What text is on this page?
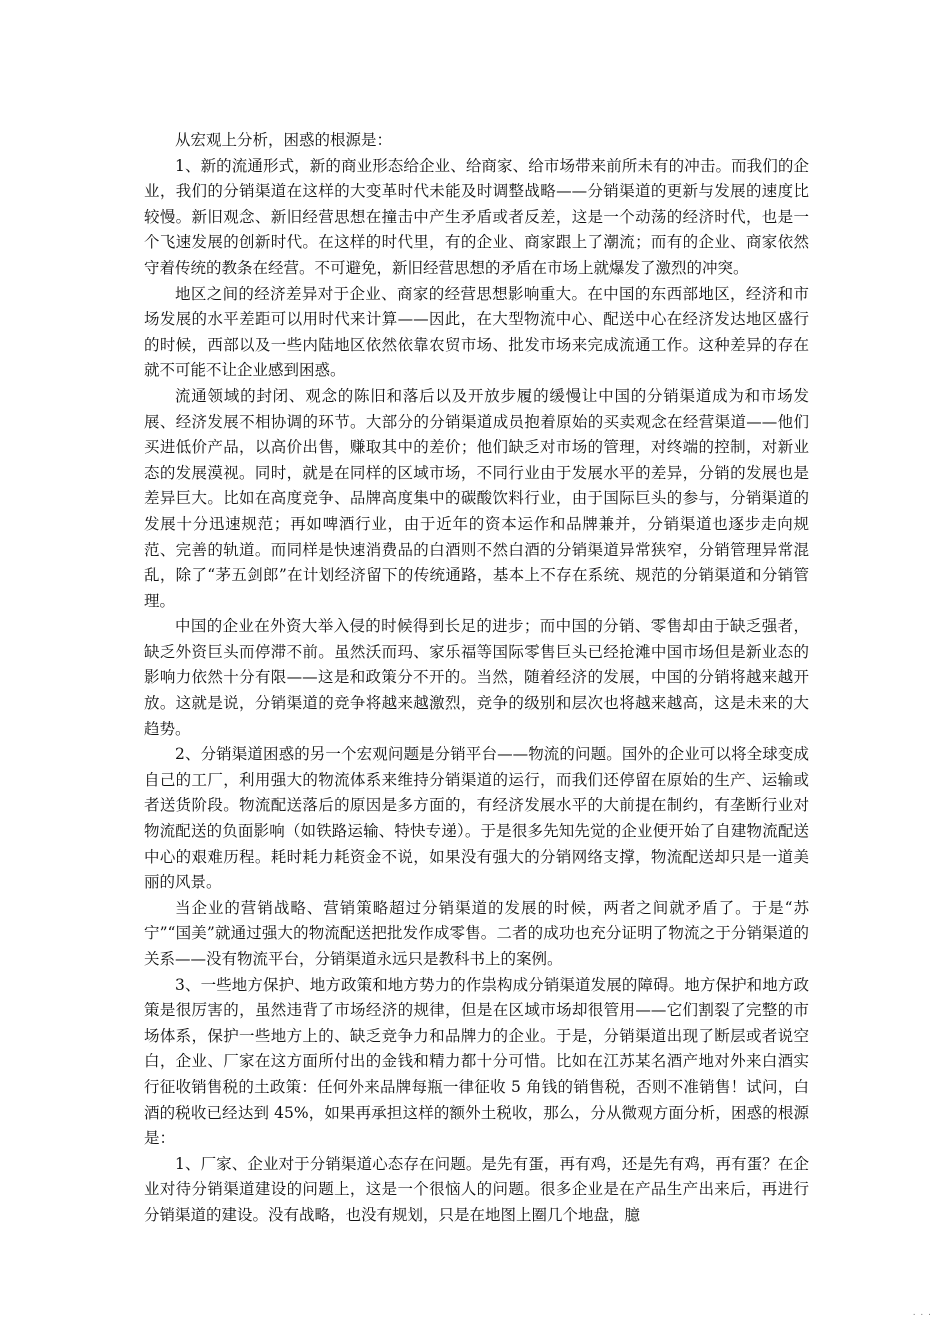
从宏观上分析，困惑的根源是：

1、新的流通形式，新的商业形态给企业、给商家、给市场带来前所未有的冲击。而我们的企业，我们的分销渠道在这样的大变革时代未能及时调整战略——分销渠道的更新与发展的速度比较慢。新旧观念、新旧经营思想在撞击中产生矛盾或者反差，这是一个动荡的经济时代，也是一个飞速发展的创新时代。在这样的时代里，有的企业、商家跟上了潮流；而有的企业、商家依然守着传统的教条在经营。不可避免，新旧经营思想的矛盾在市场上就爆发了激烈的冲突。

地区之间的经济差异对于企业、商家的经营思想影响重大。在中国的东西部地区，经济和市场发展的水平差距可以用时代来计算——因此，在大型物流中心、配送中心在经济发达地区盛行的时候，西部以及一些内陆地区依然依靠农贸市场、批发市场来完成流通工作。这种差异的存在就不可能不让企业感到困惑。

流通领域的封闭、观念的陈旧和落后以及开放步履的缓慢让中国的分销渠道成为和市场发展、经济发展不相协调的环节。大部分的分销渠道成员抱着原始的买卖观念在经营渠道——他们买进低价产品，以高价出售，赚取其中的差价；他们缺乏对市场的管理，对终端的控制，对新业态的发展漠视。同时，就是在同样的区域市场，不同行业由于发展水平的差异，分销的发展也是差异巨大。比如在高度竞争、品牌高度集中的碳酸饮料行业，由于国际巨头的参与，分销渠道的发展十分迅速规范；再如啤酒行业，由于近年的资本运作和品牌兼并，分销渠道也逐步走向规范、完善的轨道。而同样是快速消费品的白酒则不然白酒的分销渠道异常狭窄，分销管理异常混乱，除了“茅五剑郎”在计划经济留下的传统通路，基本上不存在系统、规范的分销渠道和分销管理。

中国的企业在外资大举入侵的时候得到长足的进步；而中国的分销、零售却由于缺乏强者，缺乏外资巨头而停滞不前。虽然沃而玛、家乐福等国际零售巨头已经抢滩中国市场但是新业态的影响力依然十分有限——这是和政策分不开的。当然，随着经济的发展，中国的分销将越来越开放。这就是说，分销渠道的竞争将越来越激烈，竞争的级别和层次也将越来越高，这是未来的大趋势。

2、分销渠道困惑的另一个宏观问题是分销平台——物流的问题。国外的企业可以将全球变成自己的工厂，利用强大的物流体系来维持分销渠道的运行，而我们还停留在原始的生产、运输或者送货阶段。物流配送落后的原因是多方面的，有经济发展水平的大前提在制约，有垄断行业对物流配送的负面影响（如铁路运输、特快专递）。于是很多先知先觉的企业便开始了自建物流配送中心的艰难历程。耗时耗力耗资金不说，如果没有强大的分销网络支撑，物流配送却只是一道美丽的风景。

当企业的营销战略、营销策略超过分销渠道的发展的时候，两者之间就矛盾了。于是“苏宁”“国美”就通过强大的物流配送把批发作成零售。二者的成功也充分证明了物流之于分销渠道的关系——没有物流平台，分销渠道永远只是教科书上的案例。

3、一些地方保护、地方政策和地方势力的作祟构成分销渠道发展的障碍。地方保护和地方政策是很厉害的，虽然违背了市场经济的规律，但是在区域市场却很管用——它们割裂了完整的市场体系，保护一些地方上的、缺乏竞争力和品牌力的企业。于是，分销渠道出现了断层或者说空白，企业、厂家在这方面所付出的金钱和精力都十分可惜。比如在江苏某名酒产地对外来白酒实行征收销售税的土政策：任何外来品牌每瓶一律征收 5 角钱的销售税，否则不准销售！试问，白酒的税收已经达到 45%，如果再承担这样的额外土税收，那么，分从微观方面分析，困惑的根源是：

1、厂家、企业对于分销渠道心态存在问题。是先有蛋，再有鸡，还是先有鸡，再有蛋？在企业对待分销渠道建设的问题上，这是一个很恼人的问题。很多企业是在产品生产出来后，再进行分销渠道的建设。没有战略，也没有规划，只是在地图上圈几个地盘，臆

. . .
